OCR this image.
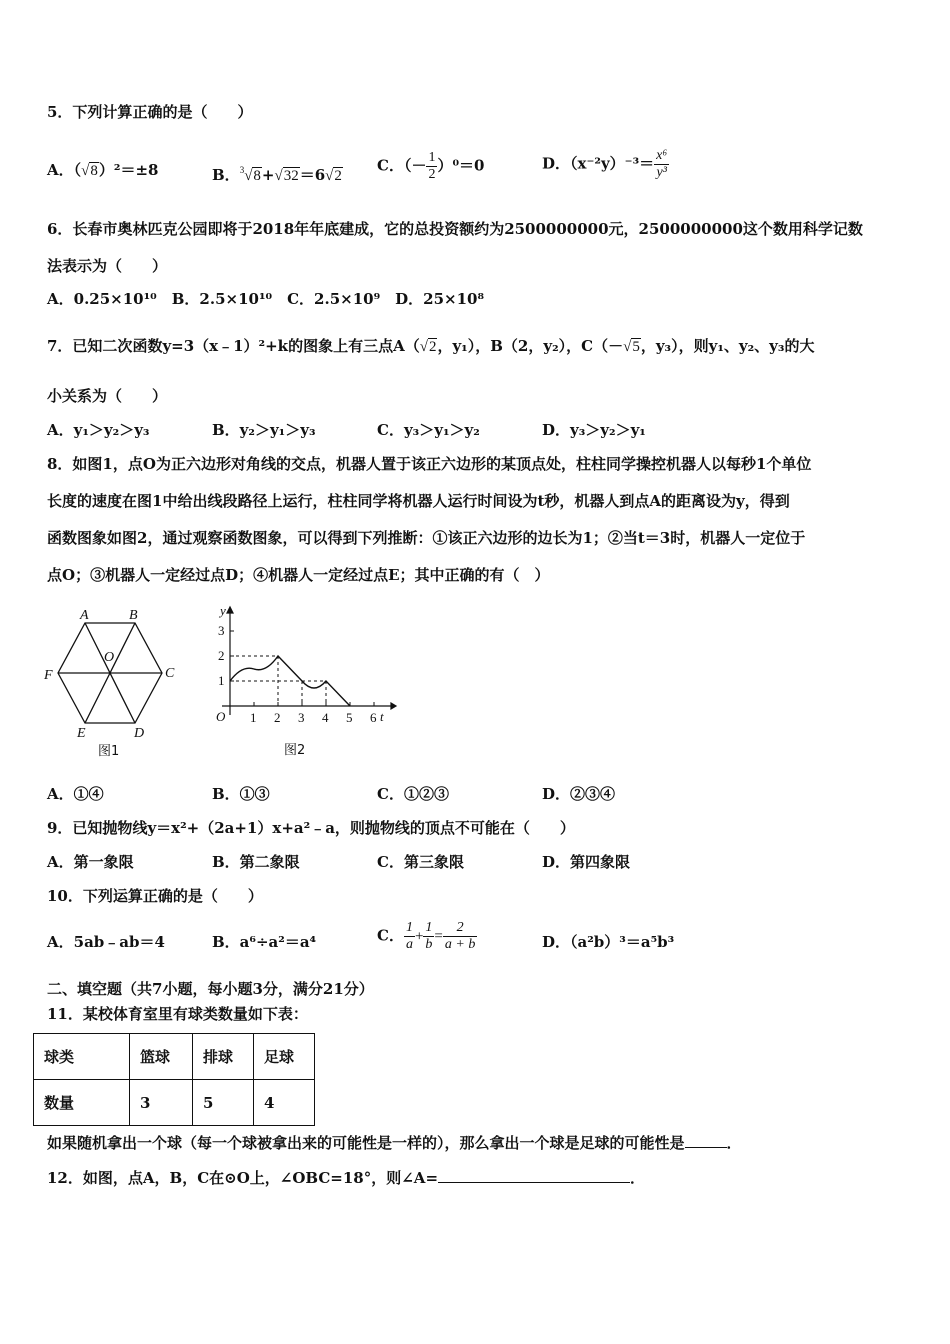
5．下列计算正确的是（　　）
A．（√8）²＝±8	B．$^3$√8+√32＝6√2
C．（－ $\frac{1}{2} )^0=0$	D．$(x^{-2}y)^{-3}= \frac{\text{x⁶}}{\text{y³}}$
6．长春市奥林匹克公园即将于2018年年底建成，它的总投资额约为2500000000元，2500000000这个数用科学记数
法表示为（　　）
A．0.25×10¹⁰　B．2.5×10¹⁰　C．2.5×10⁹　D．25×10⁸
7．已知二次函数y=3（x﹣1）²+k的图象上有三点A（√2，y₁），B（2，y₂），C（－√5，y₃），则y₁、y₂、y₃的大
小关系为（　　）
A．y₁＞y₂＞y₃	B．y₂＞y₁＞y₃	C．y₃＞y₁＞y₂	D．y₃＞y₂＞y₁
8．如图1，点O为正六边形对角线的交点，机器人置于该正六边形的某顶点处，柱柱同学操控机器人以每秒1个单位
长度的速度在图1中给出线段路径上运行，柱柱同学将机器人运行时间设为t秒，机器人到点A的距离设为y，得到
函数图象如图2，通过观察函数图象，可以得到下列推断：①该正六边形的边长为1；②当t＝3时，机器人一定位于
点O；③机器人一定经过点D；④机器人一定经过点E；其中正确的有（　）
A	B
C
D
E
F
O
图1
1 2 3 4 5 6
1
2
3
O
y
t
图2
A．①④	B．①③	C．①②③	D．②③④
9．已知抛物线y＝x²+（2a+1）x+a²﹣a，则抛物线的顶点不可能在（　　）
A．第一象限	B．第二象限	C．第三象限	D．第四象限
10．下列运算正确的是（　　）
A．5ab﹣ab＝4	B．a⁶÷a²＝a⁴	C． $\frac{1}{a} + \frac{1}{b} = \frac{2}{a + b}$	D．（a²b）³＝a⁵b³
二、填空题（共7小题，每小题3分，满分21分）
11．某校体育室里有球类数量如下表：
球类	篮球	排球	足球
数量	3	5	4
如果随机拿出一个球（每一个球被拿出来的可能性是一样的），那么拿出一个球是足球的可能性是	．
12．如图，点A，B，C在⊙O上，∠OBC=18°，则∠A=	．
